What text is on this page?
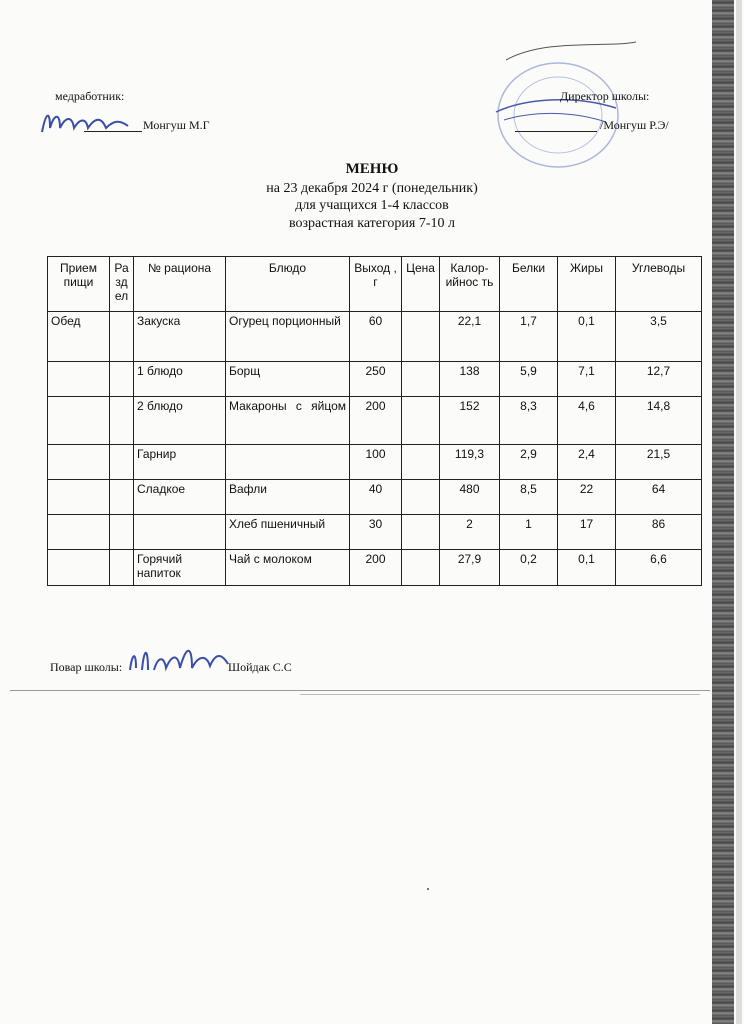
медработник:	Директор школы:
Монгуш М.Г	/Монгуш Р.Э/
МЕНЮ
на 23 декабря 2024 г (понедельник)
для учащихся 1-4 классов
возрастная категория 7-10 л
Прием пищи	Ра зд ел	№ рациона	Блюдо	Выход , г	Цена	Калор-ийнос ть	Белки	Жиры	Углеводы
Обед		Закуска	Огурец порционный	60		22,1	1,7	0,1	3,5
		1 блюдо	Борщ	250		138	5,9	7,1	12,7
		2 блюдо	Макароны с яйцом	200		152	8,3	4,6	14,8
		Гарнир		100		119,3	2,9	2,4	21,5
		Сладкое	Вафли	40		480	8,5	22	64
			Хлеб пшеничный	30		2	1	17	86
		Горячий напиток	Чай с молоком	200		27,9	0,2	0,1	6,6
Повар школы:	Шойдак С.С
